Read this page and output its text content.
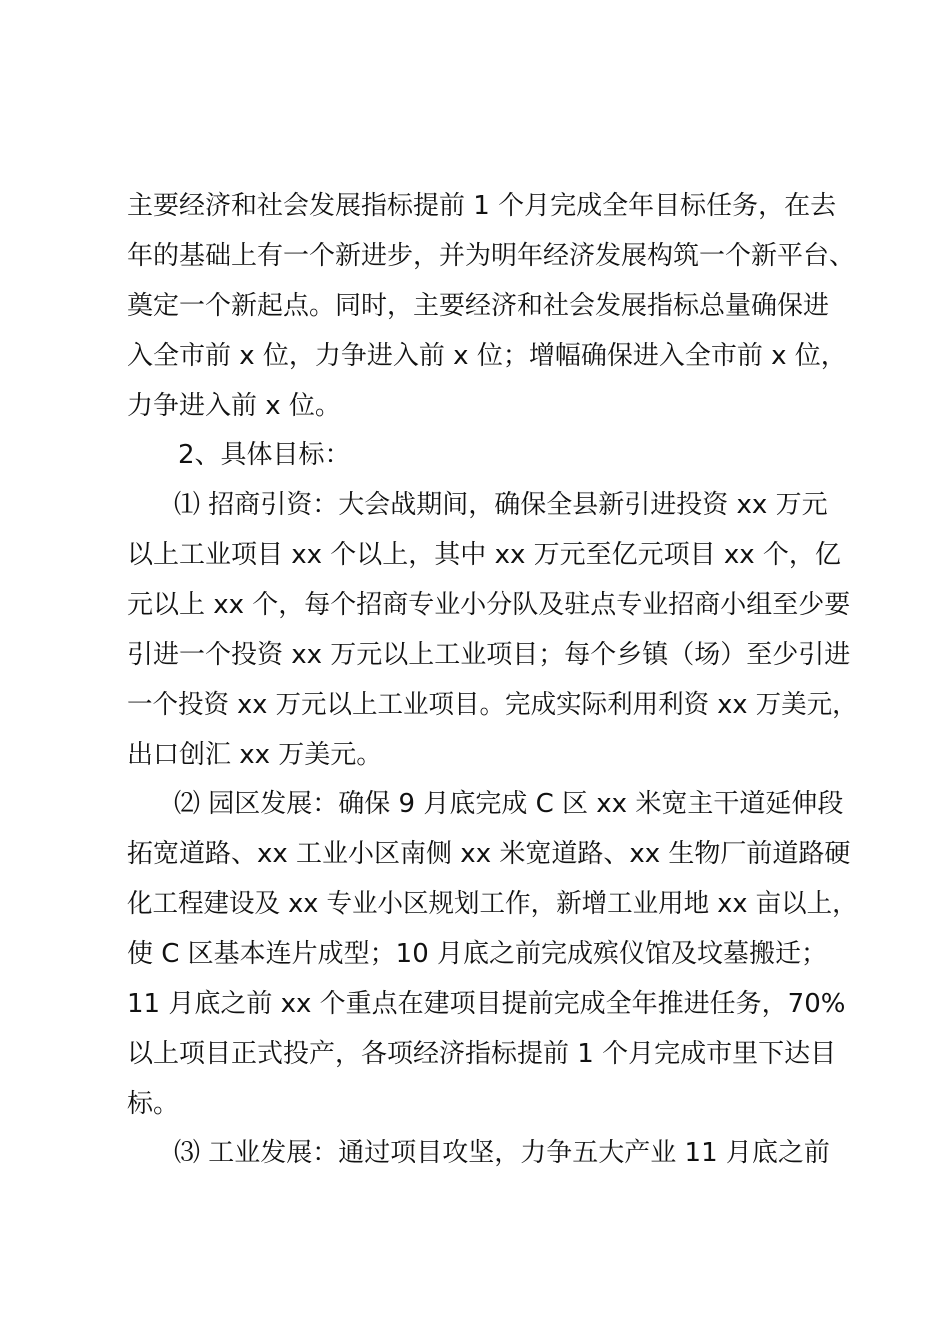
主要经济和社会发展指标提前 1 个月完成全年目标任务，在去
年的基础上有一个新进步，并为明年经济发展构筑一个新平台、
奠定一个新起点。同时，主要经济和社会发展指标总量确保进
入全市前 x 位，力争进入前 x 位；增幅确保进入全市前 x 位，
力争进入前 x 位。
2、具体目标：
⑴ 招商引资：大会战期间，确保全县新引进投资 xx 万元
以上工业项目 xx 个以上，其中 xx 万元至亿元项目 xx 个，亿
元以上 xx 个，每个招商专业小分队及驻点专业招商小组至少要
引进一个投资 xx 万元以上工业项目；每个乡镇（场）至少引进
一个投资 xx 万元以上工业项目。完成实际利用利资 xx 万美元，
出口创汇 xx 万美元。
⑵ 园区发展：确保 9 月底完成 C 区 xx 米宽主干道延伸段
拓宽道路、xx 工业小区南侧 xx 米宽道路、xx 生物厂前道路硬
化工程建设及 xx 专业小区规划工作，新增工业用地 xx 亩以上，
使 C 区基本连片成型；10 月底之前完成殡仪馆及坟墓搬迁；
11 月底之前 xx 个重点在建项目提前完成全年推进任务，70%
以上项目正式投产，各项经济指标提前 1 个月完成市里下达目
标。
⑶ 工业发展：通过项目攻坚，力争五大产业 11 月底之前
